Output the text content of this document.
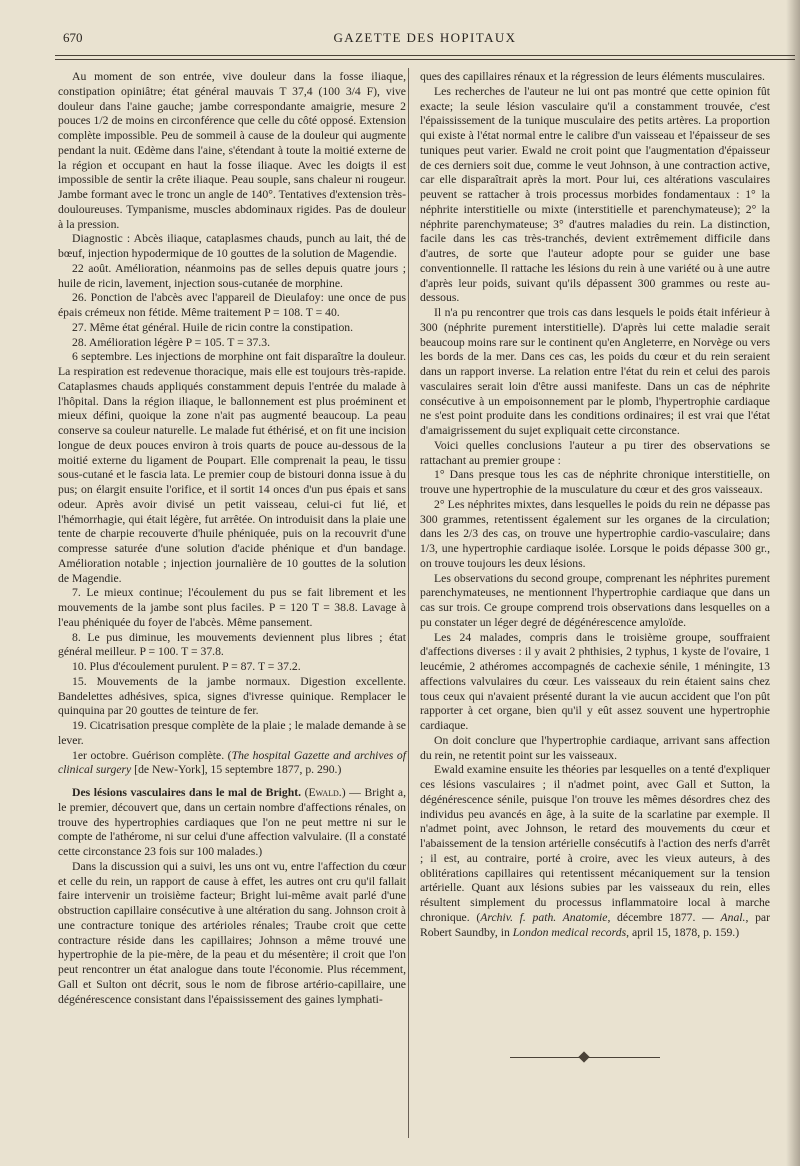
670	GAZETTE DES HOPITAUX

Au moment de son entrée, vive douleur dans la fosse iliaque, constipation opiniâtre; état général mauvais T 37,4 (100 3/4 F), vive douleur dans l'aine gauche; jambe correspondante amaigrie, mesure 2 pouces 1/2 de moins en circonférence que celle du côté opposé. Extension complète impossible. Peu de sommeil à cause de la douleur qui augmente pendant la nuit. Œdème dans l'aine, s'étendant à toute la moitié externe de la région et occupant en haut la fosse iliaque. Avec les doigts il est impossible de sentir la crête iliaque. Peau souple, sans chaleur ni rougeur. Jambe formant avec le tronc un angle de 140°. Tentatives d'extension très-douloureuses. Tympanisme, muscles abdominaux rigides. Pas de douleur à la pression.

Diagnostic : Abcès iliaque, cataplasmes chauds, punch au lait, thé de bœuf, injection hypodermique de 10 gouttes de la solution de Magendie.

22 août. Amélioration, néanmoins pas de selles depuis quatre jours ; huile de ricin, lavement, injection sous-cutanée de morphine.

26. Ponction de l'abcès avec l'appareil de Dieulafoy: une once de pus épais crémeux non fétide. Même traitement P = 108. T = 40.

27. Même état général. Huile de ricin contre la constipation.

28. Amélioration légère P = 105. T = 37.3.

6 septembre. Les injections de morphine ont fait disparaître la douleur. La respiration est redevenue thoracique, mais elle est toujours très-rapide. Cataplasmes chauds appliqués constamment depuis l'entrée du malade à l'hôpital. Dans la région iliaque, le ballonnement est plus proéminent et mieux défini, quoique la zone n'ait pas augmenté beaucoup. La peau conserve sa couleur naturelle. Le malade fut éthérisé, et on fit une incision longue de deux pouces environ à trois quarts de pouce au-dessous de la moitié externe du ligament de Poupart. Elle comprenait la peau, le tissu sous-cutané et le fascia lata. Le premier coup de bistouri donna issue à du pus; on élargit ensuite l'orifice, et il sortit 14 onces d'un pus épais et sans odeur. Après avoir divisé un petit vaisseau, celui-ci fut lié, et l'hémorrhagie, qui était légère, fut arrêtée. On introduisit dans la plaie une tente de charpie recouverte d'huile phéniquée, puis on la recouvrit d'une compresse saturée d'une solution d'acide phénique et d'un bandage. Amélioration notable ; injection journalière de 10 gouttes de la solution de Magendie.

7. Le mieux continue; l'écoulement du pus se fait librement et les mouvements de la jambe sont plus faciles. P = 120 T = 38.8. Lavage à l'eau phéniquée du foyer de l'abcès. Même pansement.

8. Le pus diminue, les mouvements deviennent plus libres ; état général meilleur. P = 100. T = 37.8.

10. Plus d'écoulement purulent. P = 87. T = 37.2.

15. Mouvements de la jambe normaux. Digestion excellente. Bandelettes adhésives, spica, signes d'ivresse quinique. Remplacer le quinquina par 20 gouttes de teinture de fer.

19. Cicatrisation presque complète de la plaie ; le malade demande à se lever.

1er octobre. Guérison complète. (The hospital Gazette and archives of clinical surgery [de New-York], 15 septembre 1877, p. 290.)

Des lésions vasculaires dans le mal de Bright. (Ewald.) — Bright a, le premier, découvert que, dans un certain nombre d'affections rénales, on trouve des hypertrophies cardiaques que l'on ne peut mettre ni sur le compte de l'athérome, ni sur celui d'une affection valvulaire. (Il a constaté cette circonstance 23 fois sur 100 malades.)

Dans la discussion qui a suivi, les uns ont vu, entre l'affection du cœur et celle du rein, un rapport de cause à effet, les autres ont cru qu'il fallait faire intervenir un troisième facteur; Bright lui-même avait parlé d'une obstruction capillaire consécutive à une altération du sang. Johnson croit à une contracture tonique des artérioles rénales; Traube croit que cette contracture réside dans les capillaires; Johnson a même trouvé une hypertrophie de la pie-mère, de la peau et du mésentère; il croit que l'on peut rencontrer un état analogue dans toute l'économie. Plus récemment, Gall et Sulton ont décrit, sous le nom de fibrose artério-capillaire, une dégénérescence consistant dans l'épaississement des gaines lymphati-

ques des capillaires rénaux et la régression de leurs éléments musculaires.

Les recherches de l'auteur ne lui ont pas montré que cette opinion fût exacte; la seule lésion vasculaire qu'il a constamment trouvée, c'est l'épaississement de la tunique musculaire des petits artères. La proportion qui existe à l'état normal entre le calibre d'un vaisseau et l'épaisseur de ses tuniques peut varier. Ewald ne croit point que l'augmentation d'épaisseur de ces derniers soit due, comme le veut Johnson, à une contraction active, car elle disparaîtrait après la mort. Pour lui, ces altérations vasculaires peuvent se rattacher à trois processus morbides fondamentaux : 1° la néphrite interstitielle ou mixte (interstitielle et parenchymateuse); 2° la néphrite parenchymateuse; 3° d'autres maladies du rein. La distinction, facile dans les cas très-tranchés, devient extrêmement difficile dans d'autres, de sorte que l'auteur adopte pour se guider une base conventionnelle. Il rattache les lésions du rein à une variété ou à une autre d'après leur poids, suivant qu'ils dépassent 300 grammes ou reste au-dessous.

Il n'a pu rencontrer que trois cas dans lesquels le poids était inférieur à 300 (néphrite purement interstitielle). D'après lui cette maladie serait beaucoup moins rare sur le continent qu'en Angleterre, en Norvège ou vers les bords de la mer. Dans ces cas, les poids du cœur et du rein seraient dans un rapport inverse. La relation entre l'état du rein et celui des parois vasculaires serait loin d'être aussi manifeste. Dans un cas de néphrite consécutive à un empoisonnement par le plomb, l'hypertrophie cardiaque ne s'est point produite dans les conditions ordinaires; il est vrai que l'état d'amaigrissement du sujet expliquait cette circonstance.

Voici quelles conclusions l'auteur a pu tirer des observations se rattachant au premier groupe :

1° Dans presque tous les cas de néphrite chronique interstitielle, on trouve une hypertrophie de la musculature du cœur et des gros vaisseaux.

2° Les néphrites mixtes, dans lesquelles le poids du rein ne dépasse pas 300 grammes, retentissent également sur les organes de la circulation; dans les 2/3 des cas, on trouve une hypertrophie cardio-vasculaire; dans 1/3, une hypertrophie cardiaque isolée. Lorsque le poids dépasse 300 gr., on trouve toujours les deux lésions.

Les observations du second groupe, comprenant les néphrites purement parenchymateuses, ne mentionnent l'hypertrophie cardiaque que dans un cas sur trois. Ce groupe comprend trois observations dans lesquelles on a pu constater un léger degré de dégénérescence amyloïde.

Les 24 malades, compris dans le troisième groupe, souffraient d'affections diverses : il y avait 2 phthisies, 2 typhus, 1 kyste de l'ovaire, 1 leucémie, 2 athéromes accompagnés de cachexie sénile, 1 méningite, 13 affections valvulaires du cœur. Les vaisseaux du rein étaient sains chez tous ceux qui n'avaient présenté durant la vie aucun accident que l'on pût rapporter à cet organe, bien qu'il y eût assez souvent une hypertrophie cardiaque.

On doit conclure que l'hypertrophie cardiaque, arrivant sans affection du rein, ne retentit point sur les vaisseaux.

Ewald examine ensuite les théories par lesquelles on a tenté d'expliquer ces lésions vasculaires ; il n'admet point, avec Gall et Sutton, la dégénérescence sénile, puisque l'on trouve les mêmes désordres chez des individus peu avancés en âge, à la suite de la scarlatine par exemple. Il n'admet point, avec Johnson, le retard des mouvements du cœur et l'abaissement de la tension artérielle consécutifs à l'action des nerfs d'arrêt ; il est, au contraire, porté à croire, avec les vieux auteurs, à des oblitérations capillaires qui retentissent mécaniquement sur la tension artérielle. Quant aux lésions subies par les vaisseaux du rein, elles résultent simplement du processus inflammatoire local à marche chronique. (Archiv. f. path. Anatomie, décembre 1877. — Anal., par Robert Saundby, in London medical records, april 15, 1878, p. 159.)
